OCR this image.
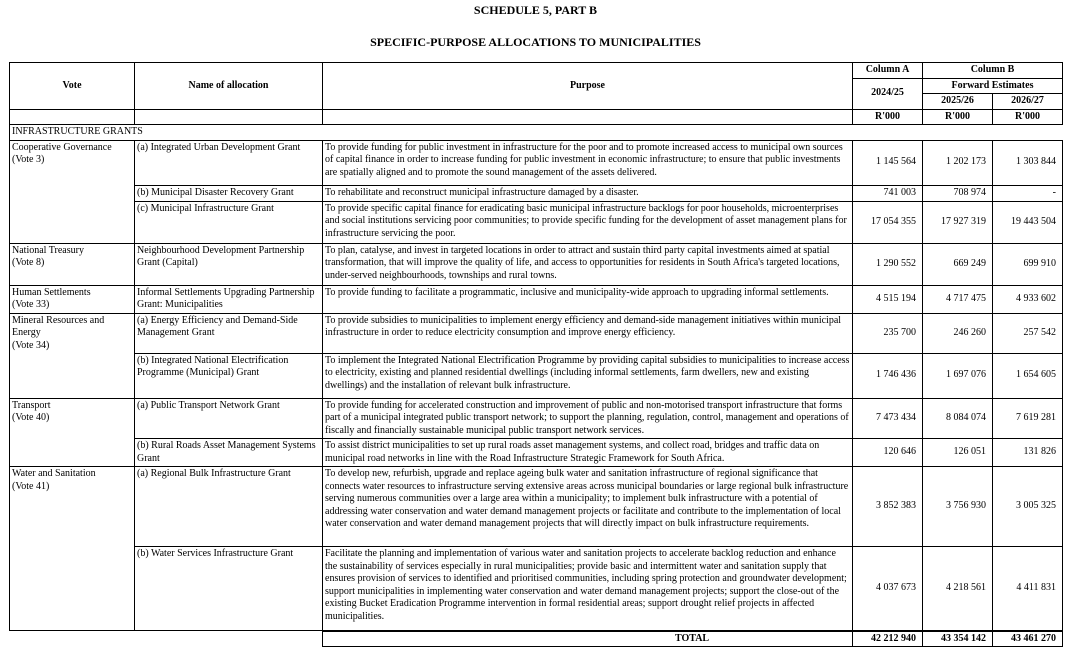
SCHEDULE 5, PART B
SPECIFIC-PURPOSE ALLOCATIONS TO MUNICIPALITIES
Vote	Name of allocation	Purpose	Column A	Column B	
			2024/25	Forward Estimates	
				2025/26	2026/27
			R'000	R'000	R'000
INFRASTRUCTURE GRANTS					
Cooperative Governance
(Vote 3)	(a) Integrated Urban Development Grant	To provide funding for public investment in infrastructure for the poor and to promote increased access to municipal own sources of capital finance in order to increase funding for public investment in economic infrastructure; to ensure that public investments are spatially aligned and to promote the sound management of the assets delivered.	1 145 564	1 202 173	1 303 844
	(b) Municipal Disaster Recovery Grant	To rehabilitate and reconstruct municipal infrastructure damaged by a disaster.	741 003	708 974	-
	(c) Municipal Infrastructure Grant	To provide specific capital finance for eradicating basic municipal infrastructure backlogs for poor households, microenterprises and social institutions servicing poor communities; to provide specific funding for the development of asset management plans for infrastructure servicing the poor.	17 054 355	17 927 319	19 443 504
National Treasury
(Vote 8)	Neighbourhood Development Partnership Grant (Capital)	To plan, catalyse, and invest in targeted locations in order to attract and sustain third party capital investments aimed at spatial transformation, that will improve the quality of life, and access to opportunities for residents in South Africa's targeted locations, under-served neighbourhoods, townships and rural towns.	1 290 552	669 249	699 910
Human Settlements
(Vote 33)	Informal Settlements Upgrading Partnership Grant: Municipalities	To provide funding to facilitate a programmatic, inclusive and municipality-wide approach to upgrading informal settlements.	4 515 194	4 717 475	4 933 602
Mineral Resources and Energy
(Vote 34)	(a) Energy Efficiency and Demand-Side Management Grant	To provide subsidies to municipalities to implement energy efficiency and demand-side management initiatives within municipal infrastructure in order to reduce electricity consumption and improve energy efficiency.	235 700	246 260	257 542
	(b) Integrated National Electrification Programme (Municipal) Grant	To implement the Integrated National Electrification Programme by providing capital subsidies to municipalities to increase access to electricity, existing and planned residential dwellings (including informal settlements, farm dwellers, new and existing dwellings) and the installation of relevant bulk infrastructure.	1 746 436	1 697 076	1 654 605
Transport
(Vote 40)	(a) Public Transport Network Grant	To provide funding for accelerated construction and improvement of public and non-motorised transport infrastructure that forms part of a municipal integrated public transport network; to support the planning, regulation, control, management and operations of fiscally and financially sustainable municipal public transport network services.	7 473 434	8 084 074	7 619 281
	(b) Rural Roads Asset Management Systems Grant	To assist district municipalities to set up rural roads asset management systems, and collect road, bridges and traffic data on municipal road networks in line with the Road Infrastructure Strategic Framework for South Africa.	120 646	126 051	131 826
Water and Sanitation
(Vote 41)	(a) Regional Bulk Infrastructure Grant	To develop new, refurbish, upgrade and replace ageing bulk water and sanitation infrastructure of regional significance that connects water resources to infrastructure serving extensive areas across municipal boundaries or large regional bulk infrastructure serving numerous communities over a large area within a municipality; to implement bulk infrastructure with a potential of addressing water conservation and water demand management projects or facilitate and contribute to the implementation of local water conservation and water demand management projects that will directly impact on bulk infrastructure requirements.	3 852 383	3 756 930	3 005 325
	(b) Water Services Infrastructure Grant	Facilitate the planning and implementation of various water and sanitation projects to accelerate backlog reduction and enhance the sustainability of services especially in rural municipalities; provide basic and intermittent water and sanitation supply that ensures provision of services to identified and prioritised communities, including spring protection and groundwater development; support municipalities in implementing water conservation and water demand management projects; support the close-out of the existing Bucket Eradication Programme intervention in formal residential areas; support drought relief projects in affected municipalities.	4 037 673	4 218 561	4 411 831
		TOTAL	42 212 940	43 354 142	43 461 270
